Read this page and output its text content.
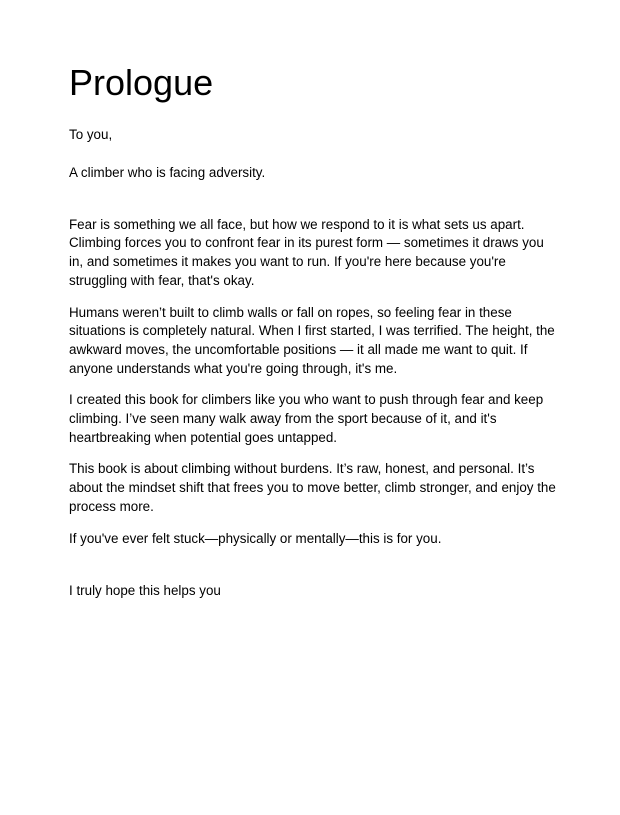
Prologue

To you,

A climber who is facing adversity.

Fear is something we all face, but how we respond to it is what sets us apart. Climbing forces you to confront fear in its purest form — sometimes it draws you in, and sometimes it makes you want to run. If you're here because you're struggling with fear, that's okay.

Humans weren’t built to climb walls or fall on ropes, so feeling fear in these situations is completely natural. When I first started, I was terrified. The height, the awkward moves, the uncomfortable positions — it all made me want to quit. If anyone understands what you're going through, it's me.

I created this book for climbers like you who want to push through fear and keep climbing. I’ve seen many walk away from the sport because of it, and it's heartbreaking when potential goes untapped.

This book is about climbing without burdens. It’s raw, honest, and personal. It’s about the mindset shift that frees you to move better, climb stronger, and enjoy the process more.

If you've ever felt stuck—physically or mentally—this is for you.

I truly hope this helps you
